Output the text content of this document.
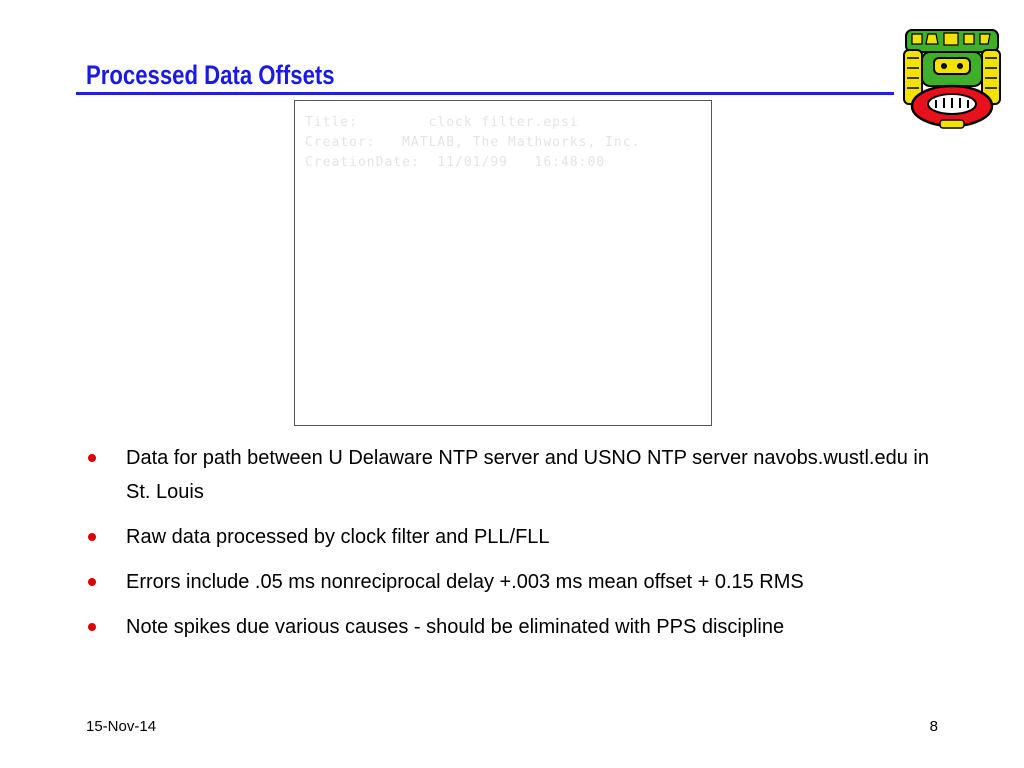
Processed Data Offsets
Title:        clock filter.epsi
Creator:   MATLAB, The Mathworks, Inc.
CreationDate:  11/01/99   16:48:00
Data for path between U Delaware NTP server and USNO NTP server navobs.wustl.edu in St. Louis
Raw data processed by clock filter and PLL/FLL
Errors include .05 ms nonreciprocal delay +.003 ms mean offset + 0.15 RMS
Note spikes due various causes - should be eliminated with PPS discipline
15-Nov-14	8
